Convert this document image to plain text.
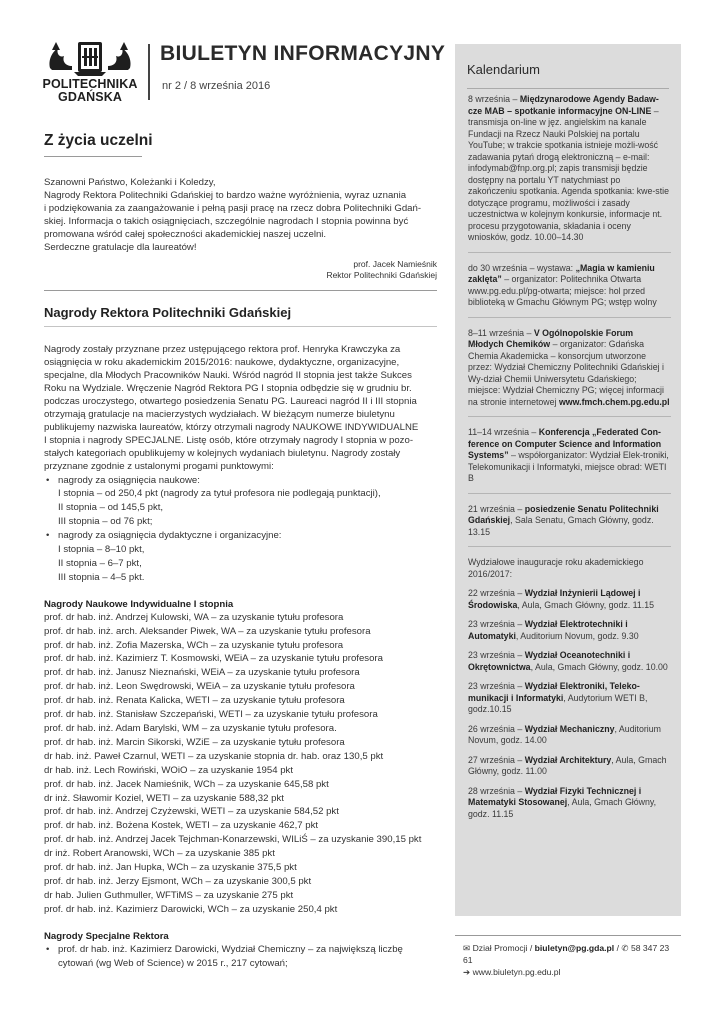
POLITECHNIKA
GDAŃSKA
BIULETYN INFORMACYJNY
nr 2 / 8 września 2016
Z życia uczelni
Szanowni Państwo, Koleżanki i Koledzy,
Nagrody Rektora Politechniki Gdańskiej to bardzo ważne wyróżnienia, wyraz uznania
i podziękowania za zaangażowanie i pełną pasji pracę na rzecz dobra Politechniki Gdań-
skiej. Informacja o takich osiągnięciach, szczególnie nagrodach I stopnia powinna być
promowana wśród całej społeczności akademickiej naszej uczelni.
Serdeczne gratulacje dla laureatów!
prof. Jacek Namieśnik
Rektor Politechniki Gdańskiej
Nagrody Rektora Politechniki Gdańskiej
Nagrody zostały przyznane przez ustępującego rektora prof. Henryka Krawczyka za
osiągnięcia w roku akademickim 2015/2016: naukowe, dydaktyczne, organizacyjne,
specjalne, dla Młodych Pracowników Nauki. Wśród nagród II stopnia jest także Sukces
Roku na Wydziale. Wręczenie Nagród Rektora PG I stopnia odbędzie się w grudniu br.
podczas uroczystego, otwartego posiedzenia Senatu PG. Laureaci nagród II i III stopnia
otrzymają gratulacje na macierzystych wydziałach. W bieżącym numerze biuletynu
publikujemy nazwiska laureatów, którzy otrzymali nagrody NAUKOWE INDYWIDUALNE
I stopnia i nagrody SPECJALNE. Listę osób, które otrzymały nagrody I stopnia w pozo-
stałych kategoriach opublikujemy w kolejnych wydaniach biuletynu. Nagrody zostały
przyznane zgodnie z ustalonymi progami punktowymi:
• nagrody za osiągnięcia naukowe:
I stopnia – od 250,4 pkt (nagrody za tytuł profesora nie podlegają punktacji),
II stopnia – od 145,5 pkt,
III stopnia – od 76 pkt;
• nagrody za osiągnięcia dydaktyczne i organizacyjne:
I stopnia – 8–10 pkt,
II stopnia – 6–7 pkt,
III stopnia – 4–5 pkt.
Nagrody Naukowe Indywidualne I stopnia
prof. dr hab. inż. Andrzej Kulowski, WA – za uzyskanie tytułu profesora
prof. dr hab. inż. arch. Aleksander Piwek, WA – za uzyskanie tytułu profesora
prof. dr hab. inż. Zofia Mazerska, WCh – za uzyskanie tytułu profesora
prof. dr hab. inż. Kazimierz T. Kosmowski, WEiA – za uzyskanie tytułu profesora
prof. dr hab. inż. Janusz Nieznański, WEiA – za uzyskanie tytułu profesora
prof. dr hab. inż. Leon Swędrowski, WEiA – za uzyskanie tytułu profesora
prof. dr hab. inż. Renata Kalicka, WETI – za uzyskanie tytułu profesora
prof. dr hab. inż. Stanisław Szczepański, WETI – za uzyskanie tytułu profesora
prof. dr hab. inż. Adam Barylski, WM – za uzyskanie tytułu profesora.
prof. dr hab. inż. Marcin Sikorski, WZiE – za uzyskanie tytułu profesora
dr hab. inż. Paweł Czarnul, WETI – za uzyskanie stopnia dr. hab. oraz 130,5 pkt
dr hab. inż. Lech Rowiński, WOiO – za uzyskanie 1954 pkt
prof. dr hab. inż. Jacek Namieśnik, WCh – za uzyskanie 645,58 pkt
dr inż. Sławomir Koziel, WETI – za uzyskanie 588,32 pkt
prof. dr hab. inż. Andrzej Czyżewski, WETI – za uzyskanie 584,52 pkt
prof. dr hab. inż. Bożena Kostek, WETI – za uzyskanie 462,7 pkt
prof. dr hab. inż. Andrzej Jacek Tejchman-Konarzewski, WILiŚ – za uzyskanie 390,15 pkt
dr inż. Robert Aranowski, WCh – za uzyskanie 385 pkt
prof. dr hab. inż. Jan Hupka, WCh – za uzyskanie 375,5 pkt
prof. dr hab. inż. Jerzy Ejsmont, WCh – za uzyskanie 300,5 pkt
dr hab. Julien Guthmuller, WFTiMS – za uzyskanie 275 pkt
prof. dr hab. inż. Kazimierz Darowicki, WCh – za uzyskanie 250,4 pkt
Nagrody Specjalne Rektora
• prof. dr hab. inż. Kazimierz Darowicki, Wydział Chemiczny – za największą liczbę
cytowań (wg Web of Science) w 2015 r., 217 cytowań;
Kalendarium
8 września – Międzynarodowe Agendy Badaw-cze MAB – spotkanie informacyjne ON-LINE – transmisja on-line w jęz. angielskim na kanale Fundacji na Rzecz Nauki Polskiej na portalu YouTube; w trakcie spotkania istnieje możli-wość zadawania pytań drogą elektroniczną – e-mail: infodymab@fnp.org.pl; zapis transmisji będzie dostępny na portalu YT natychmiast po zakończeniu spotkania. Agenda spotkania: kwe-stie dotyczące programu, możliwości i zasady uczestnictwa w kolejnym konkursie, informacje nt. procesu przygotowania, składania i oceny wniosków, godz. 10.00–14.30
do 30 września – wystawa: „Magia w kamieniu zaklęta” – organizator: Politechnika Otwarta www.pg.edu.pl/pg-otwarta; miejsce: hol przed biblioteką w Gmachu Głównym PG; wstęp wolny
8–11 września – V Ogólnopolskie Forum Młodych Chemików – organizator: Gdańska Chemia Akademicka – konsorcjum utworzone przez: Wydział Chemiczny Politechniki Gdańskiej i Wy-dział Chemii Uniwersytetu Gdańskiego; miejsce: Wydział Chemiczny PG; więcej informacji na stronie internetowej www.fmch.chem.pg.edu.pl
11–14 września – Konferencja „Federated Con-ference on Computer Science and Information Systems” – współorganizator: Wydział Elek-troniki, Telekomunikacji i Informatyki, miejsce obrad: WETI B
21 września – posiedzenie Senatu Politechniki Gdańskiej, Sala Senatu, Gmach Główny, godz. 13.15
Wydziałowe inauguracje roku akademickiego 2016/2017:
22 września – Wydział Inżynierii Lądowej i Środowiska, Aula, Gmach Główny, godz. 11.15
23 września – Wydział Elektrotechniki i Automatyki, Auditorium Novum, godz. 9.30
23 września – Wydział Oceanotechniki i Okrętownictwa, Aula, Gmach Główny, godz. 10.00
23 września – Wydział Elektroniki, Teleko-munikacji i Informatyki, Audytorium WETI B, godz.10.15
26 września – Wydział Mechaniczny, Auditorium Novum, godz. 14.00
27 września – Wydział Architektury, Aula, Gmach Główny, godz. 11.00
28 września – Wydział Fizyki Technicznej i Matematyki Stosowanej, Aula, Gmach Główny, godz. 11.15
✉ Dział Promocji / biuletyn@pg.gda.pl / ✆ 58 347 23 61
➔ www.biuletyn.pg.edu.pl
